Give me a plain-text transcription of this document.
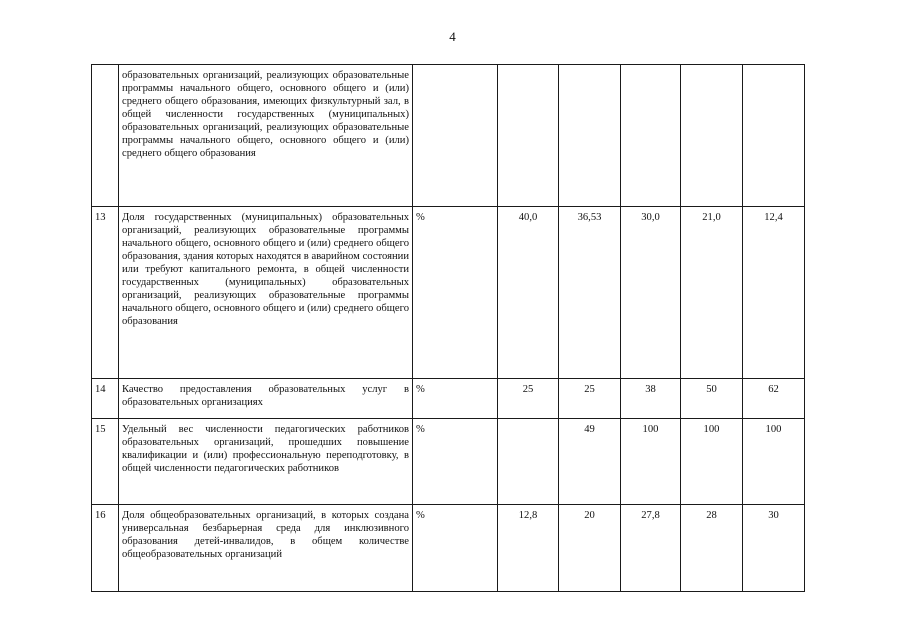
4
	образовательных организаций, реализующих образовательные программы начального общего, основного общего и (или) среднего общего образования, имеющих физкультурный зал, в общей численности государственных (муниципальных) образовательных организаций, реализующих образовательные программы начального общего, основного общего и (или) среднего общего образования						
13	Доля государственных (муниципальных) образовательных организаций, реализующих образовательные программы начального общего, основного общего и (или) среднего общего образования, здания которых находятся в аварийном состоянии или требуют капитального ремонта, в общей численности государственных (муниципальных) образовательных организаций, реализующих образовательные программы начального общего, основного общего и (или) среднего общего образования	%	40,0	36,53	30,0	21,0	12,4
14	Качество предоставления образовательных услуг в образовательных организациях	%	25	25	38	50	62
15	Удельный вес численности педагогических работников образовательных организаций, прошедших повышение квалификации и (или) профессиональную переподготовку, в общей численности педагогических работников	%		49	100	100	100
16	Доля общеобразовательных организаций, в которых создана универсальная безбарьерная среда для инклюзивного образования детей-инвалидов, в общем количестве общеобразовательных организаций	%	12,8	20	27,8	28	30
